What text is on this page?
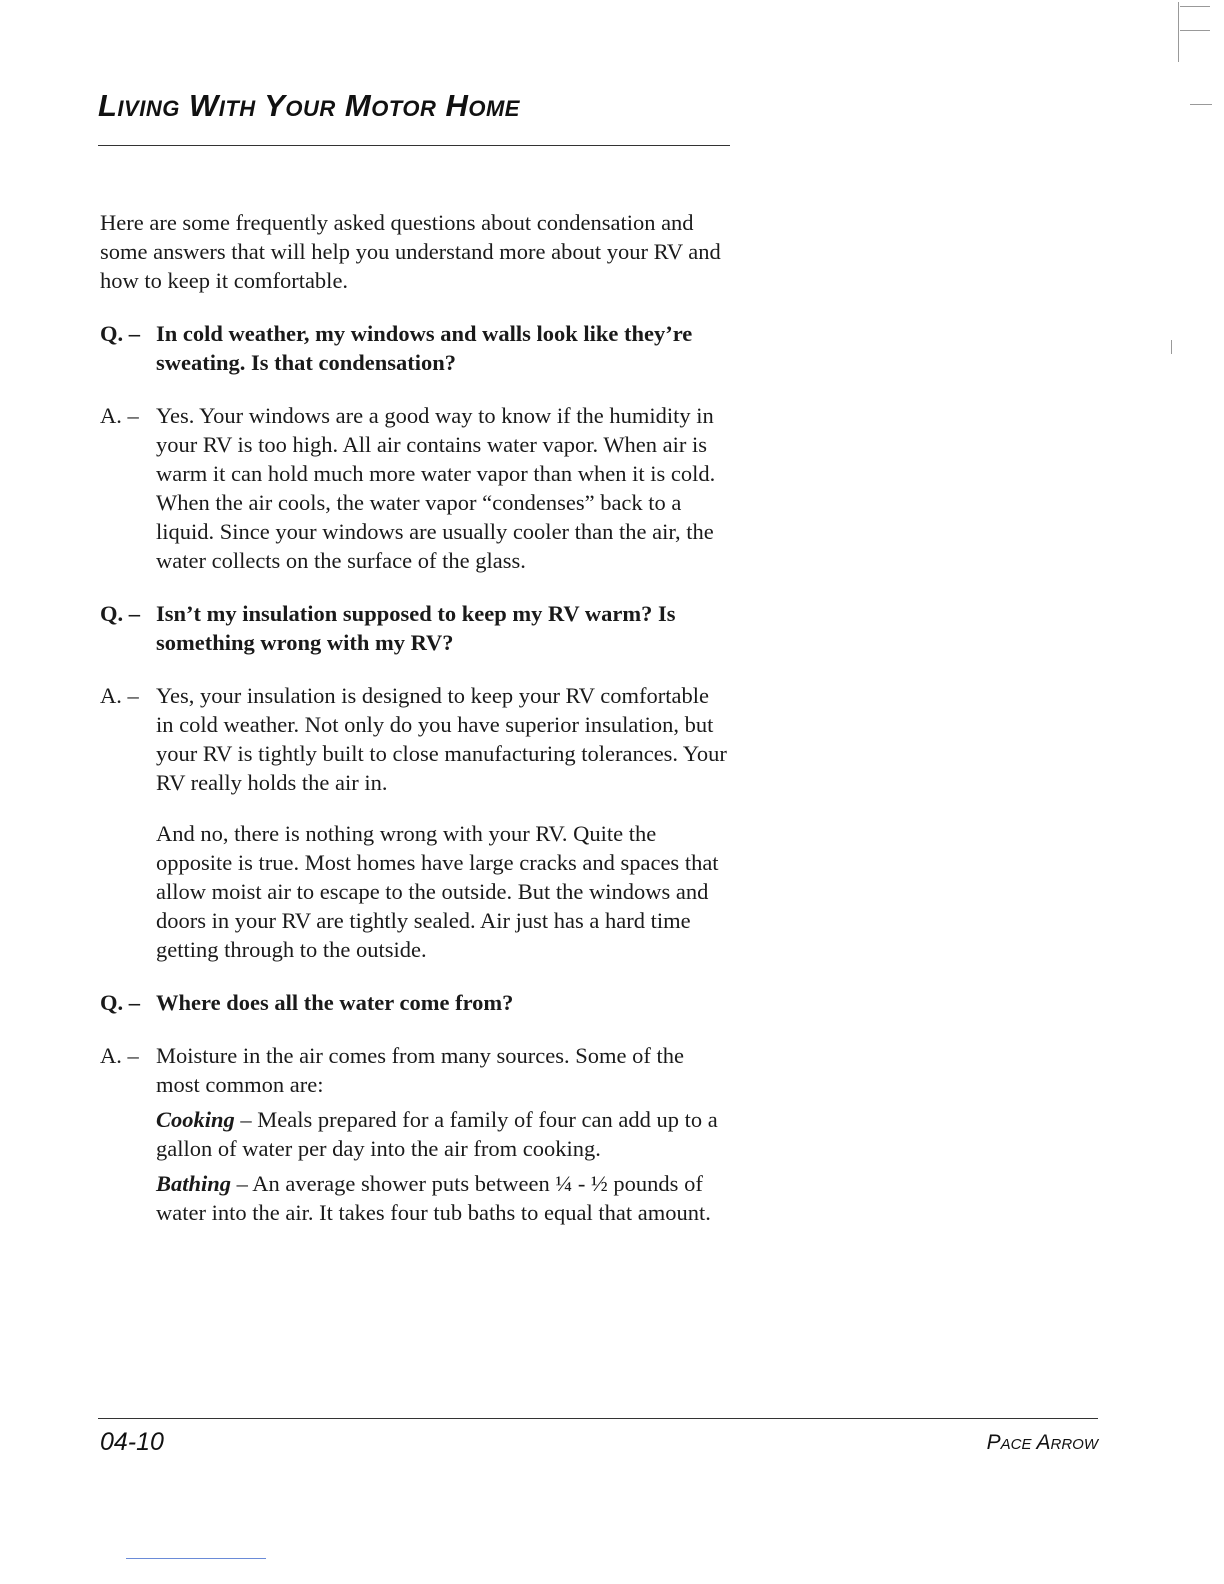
Living With Your Motor Home

Here are some frequently asked questions about condensation and some answers that will help you understand more about your RV and how to keep it comfortable.

Q. – In cold weather, my windows and walls look like they’re sweating. Is that condensation?
A. – Yes. Your windows are a good way to know if the humidity in your RV is too high. All air contains water vapor. When air is warm it can hold much more water vapor than when it is cold. When the air cools, the water vapor “condenses” back to a liquid. Since your windows are usually cooler than the air, the water collects on the surface of the glass.
Q. – Isn’t my insulation supposed to keep my RV warm? Is something wrong with my RV?
A. – Yes, your insulation is designed to keep your RV comfortable in cold weather. Not only do you have superior insulation, but your RV is tightly built to close manufacturing tolerances. Your RV really holds the air in.

And no, there is nothing wrong with your RV. Quite the opposite is true. Most homes have large cracks and spaces that allow moist air to escape to the outside. But the windows and doors in your RV are tightly sealed. Air just has a hard time getting through to the outside.

Q. – Where does all the water come from?
A. – Moisture in the air comes from many sources. Some of the most common are:

Cooking – Meals prepared for a family of four can add up to a gallon of water per day into the air from cooking.

Bathing – An average shower puts between ¼ - ½ pounds of water into the air. It takes four tub baths to equal that amount.

04-10	Pace Arrow
